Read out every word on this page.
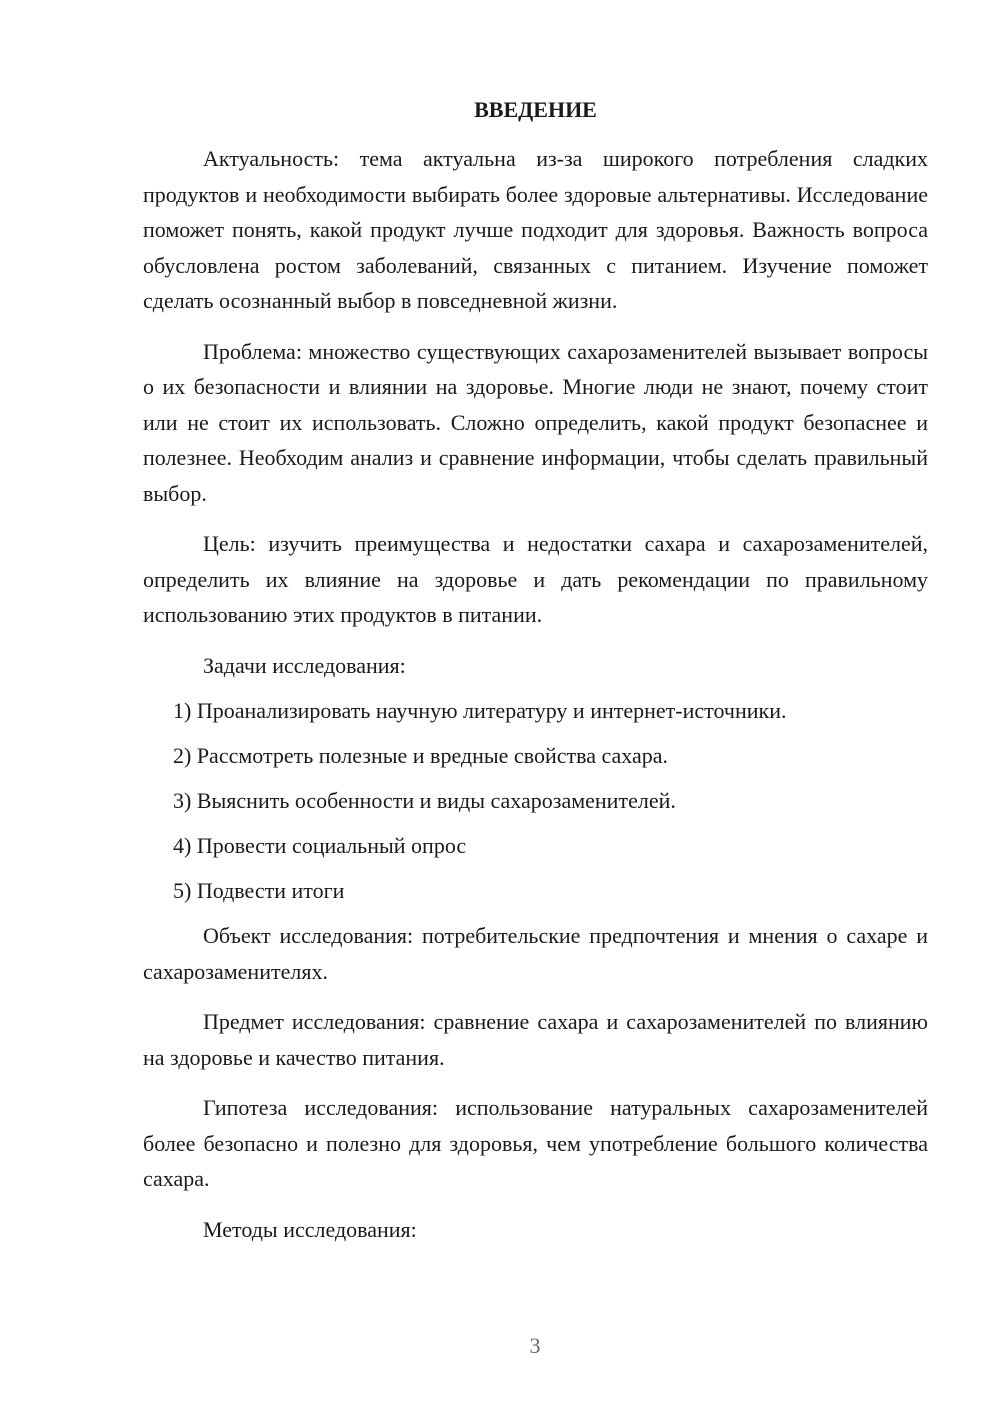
ВВЕДЕНИЕ

Актуальность: тема актуальна из-за широкого потребления сладких продуктов и необходимости выбирать более здоровые альтернативы. Исследование поможет понять, какой продукт лучше подходит для здоровья. Важность вопроса обусловлена ростом заболеваний, связанных с питанием. Изучение поможет сделать осознанный выбор в повседневной жизни.

Проблема: множество существующих сахарозаменителей вызывает вопросы о их безопасности и влиянии на здоровье. Многие люди не знают, почему стоит или не стоит их использовать. Сложно определить, какой продукт безопаснее и полезнее. Необходим анализ и сравнение информации, чтобы сделать правильный выбор.

Цель: изучить преимущества и недостатки сахара и сахарозаменителей, определить их влияние на здоровье и дать рекомендации по правильному использованию этих продуктов в питании.

Задачи исследования:

1) Проанализировать научную литературу и интернет-источники.
2) Рассмотреть полезные и вредные свойства сахара.
3) Выяснить особенности и виды сахарозаменителей.
4) Провести социальный опрос
5) Подвести итоги

Объект исследования: потребительские предпочтения и мнения о сахаре и сахарозаменителях.

Предмет исследования: сравнение сахара и сахарозаменителей по влиянию на здоровье и качество питания.

Гипотеза исследования: использование натуральных сахарозаменителей более безопасно и полезно для здоровья, чем употребление большого количества сахара.

Методы исследования:

3
